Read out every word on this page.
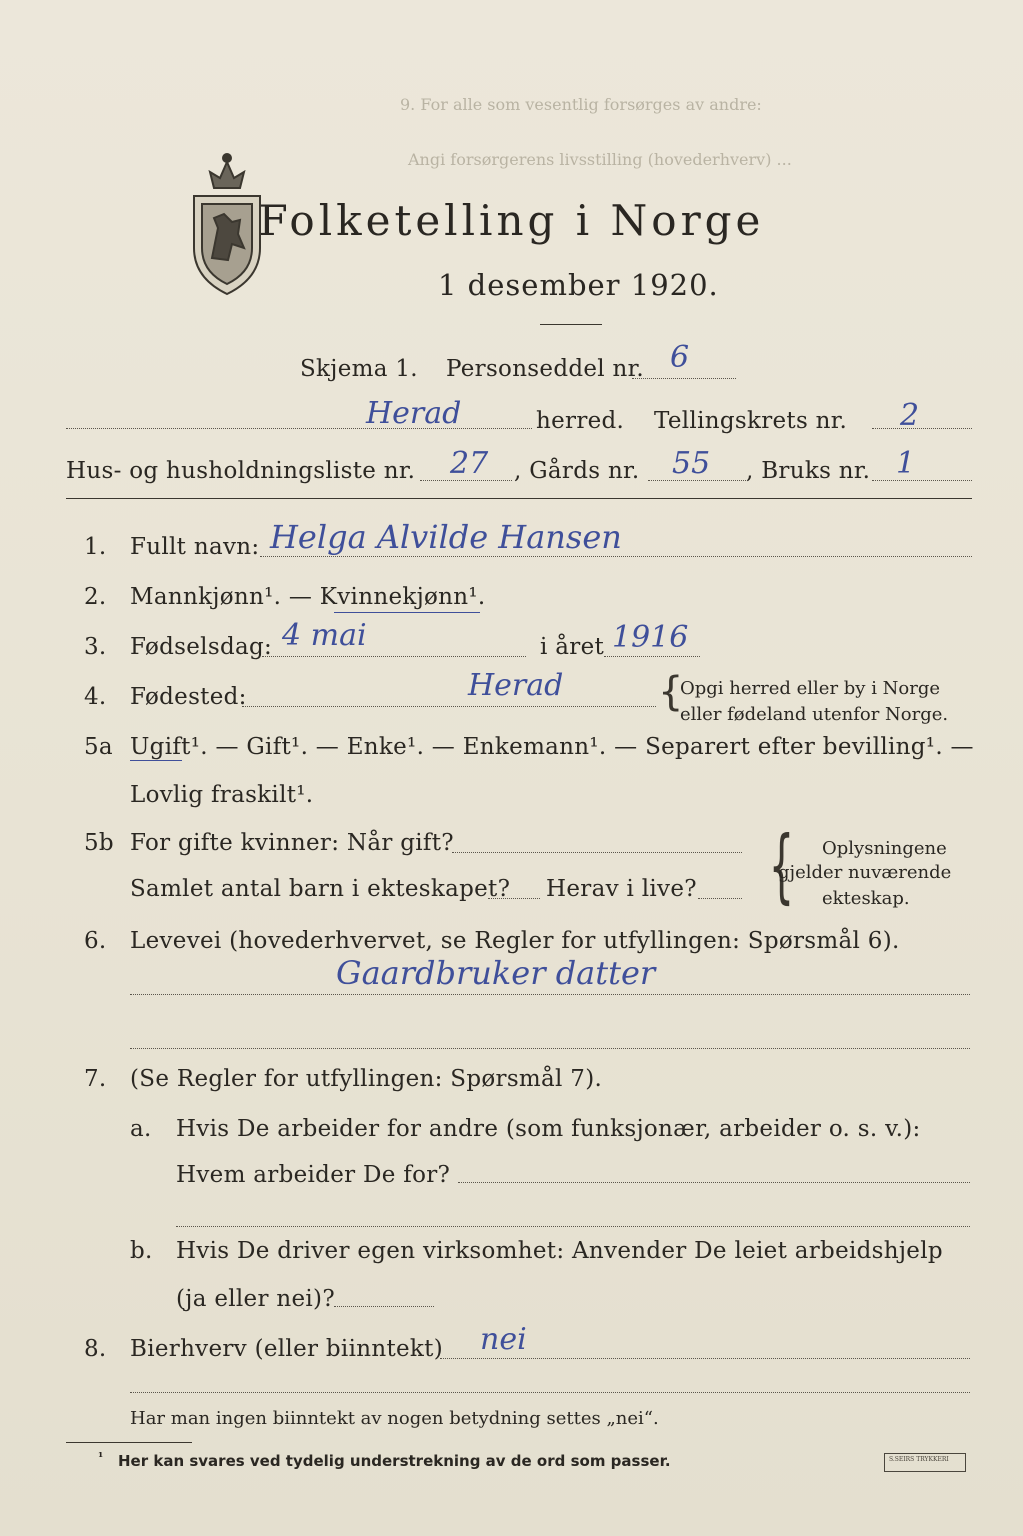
9. For alle som vesentlig forsørges av andre:
Angi forsørgerens livsstilling (hovederhverv) ...
Folketelling i Norge
1 desember 1920.
Skjema 1. Personseddel nr. 6
Herad	herred. Tellingskrets nr. 2
Hus- og husholdningsliste nr. 27 , Gårds nr. 55 , Bruks nr. 1
1. Fullt navn: Helga Alvilde Hansen
2. Mannkjønn¹. — Kvinnekjønn¹.
3. Fødselsdag: 4 mai	i året 1916
4. Fødested:	Herad {
Opgi herred eller by i Norge
eller fødeland utenfor Norge.
5a Ugift¹. — Gift¹. — Enke¹. — Enkemann¹. — Separert efter bevilling¹. —
Lovlig fraskilt¹.
5b For gifte kvinner: Når gift?
Samlet antal barn i ekteskapet? Herav i live? { Oplysningene
gjelder nuværende
ekteskap.
6. Levevei (hovederhvervet, se Regler for utfyllingen: Spørsmål 6).
Gaardbruker datter
7. (Se Regler for utfyllingen: Spørsmål 7).
a. Hvis De arbeider for andre (som funksjonær, arbeider o. s. v.):
Hvem arbeider De for?
b. Hvis De driver egen virksomhet: Anvender De leiet arbeidshjelp
(ja eller nei)?
8. Bierhverv (eller biinntekt) nei
Har man ingen biinntekt av nogen betydning settes „nei“.
¹ Her kan svares ved tydelig understrekning av de ord som passer.	S.SEIRS TRYKKERI
